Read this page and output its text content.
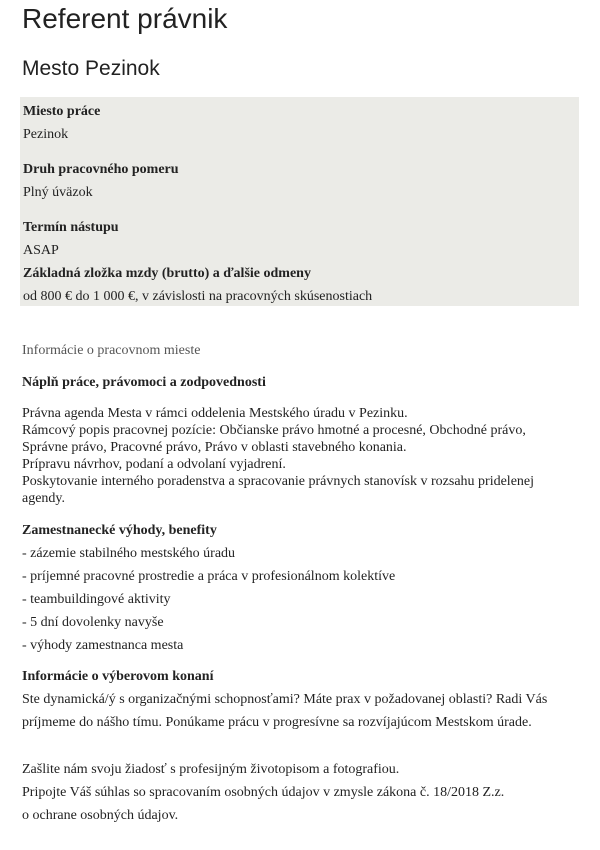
Referent právnik
Mesto Pezinok
Miesto práce
Pezinok
Druh pracovného pomeru
Plný úväzok
Termín nástupu
ASAP
Základná zložka mzdy (brutto) a ďalšie odmeny
od 800 € do 1 000 €, v závislosti na pracovných skúsenostiach
Informácie o pracovnom mieste
Náplň práce, právomoci a zodpovednosti
Právna agenda Mesta v rámci oddelenia Mestského úradu v Pezinku.
Rámcový popis pracovnej pozície: Občianske právo hmotné a procesné, Obchodné právo,
Správne právo, Pracovné právo, Právo v oblasti stavebného konania.
Prípravu návrhov, podaní a odvolaní vyjadrení.
Poskytovanie interného poradenstva a spracovanie právnych stanovísk v rozsahu pridelenej
agendy.
Zamestnanecké výhody, benefity
- zázemie stabilného mestského úradu
- príjemné pracovné prostredie a práca v profesionálnom kolektíve
- teambuildingové aktivity
- 5 dní dovolenky navyše
- výhody zamestnanca mesta
Informácie o výberovom konaní
Ste dynamická/ý s organizačnými schopnosťami? Máte prax v požadovanej oblasti? Radi Vás
príjmeme do nášho tímu. Ponúkame prácu v progresívne sa rozvíjajúcom Mestskom úrade.
Zašlite nám svoju žiadosť s profesijným životopisom a fotografiou.
Pripojte Váš súhlas so spracovaním osobných údajov v zmysle zákona č. 18/2018 Z.z.
o ochrane osobných údajov.
